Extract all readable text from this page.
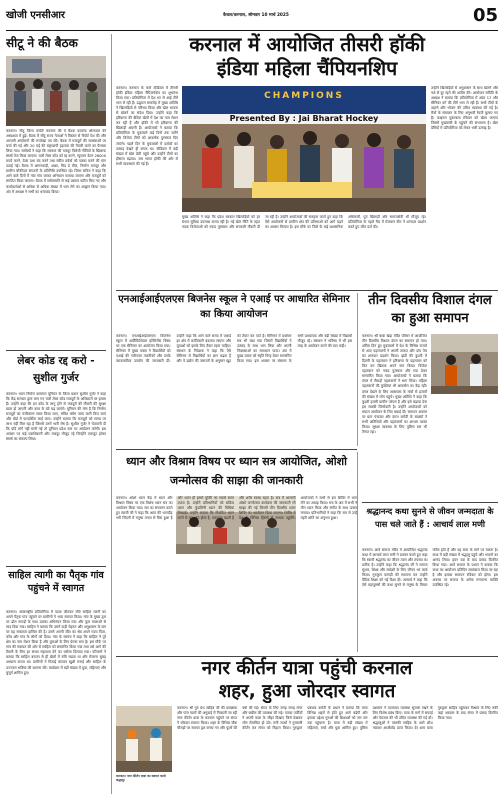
खोजी एनसीआर	कैथल/करनाल, सोमवार 10 मार्च 2025	05
सीटू ने की बैठक
करनाल। सीटू जिला कमेटी करनाल की ये बैठक कामरेड ओमपाल की अध्यक्षता में हुई। बैठक में सीटू राज्य नेताओं ने विस्तार से रिपोर्ट पेश की और आगामी आंदोलनों की रूपरेखा तय की। बैठक में मजदूरों की समस्याओं पर चर्चा की गई और 20 मई की राष्ट्रव्यापी हड़ताल की तैयारी करने का फैसला लिया गया। साथियों ने कहा कि सरकार की मजदूर विरोधी नीतियों के खिलाफ संघर्ष तेज किया जाएगा। चारों लेबर कोड को रद्द करने, न्यूनतम वेतन 26000 रुपये करने, ठेका प्रथा बंद करने तथा स्कीम वर्कर्स को पक्का करने की मांग उठाई गई। बैठक में आंगनवाड़ी, आशा, मिड डे मील, निर्माण मजदूर और ग्रामीण चौकीदार संगठनों के प्रतिनिधि उपस्थित रहे। जिला सचिव ने कहा कि आने वाले दिनों में गांव गांव जाकर अभियान चलाया जाएगा और मजदूरों को संगठित किया जाएगा। बैठक में सर्वसम्मति से कई प्रस्ताव पारित किए गए और कार्यकर्ताओं से अधिक से अधिक संख्या में भाग लेने का आह्वान किया गया। अंत में अध्यक्ष ने सभी का धन्यवाद किया।
लेबर कोड रद्द करो - सुशील गुर्जर
करनाल। भवन निर्माण कामगार यूनियन के जिला प्रधान सुशील गुर्जर ने कहा कि केंद्र सरकार द्वारा लाए गए चारों लेबर कोड मजदूरों के अधिकारों पर हमला हैं। उन्होंने कहा कि इन कोड के लागू होने से मजदूरों की नौकरी की सुरक्षा खत्म हो जाएगी और काम के घंटे बढ़ जाएंगे। यूनियन की मांग है कि निर्माण मजदूरों का पंजीकरण सरल किया जाए, लंबित क्लेम जल्द जारी किए जाएं और बोर्ड में पारदर्शिता लाई जाए। उन्होंने बताया कि मजदूरों को समय पर लाभ नहीं मिल रहा है जिससे उनमें भारी रोष है। सुशील गुर्जर ने चेतावनी दी कि यदि मांगें नहीं मानी गईं तो यूनियन प्रदेश स्तर पर आंदोलन करेगी। इस अवसर पर कई पदाधिकारी और मजदूर मौजूद रहे जिन्होंने एकजुट होकर संघर्ष का संकल्प लिया।
साहिल त्यागी का पैतृक गांव पहुंचने में स्वागत
करनाल। अंतरराष्ट्रीय प्रतियोगिता में पदक जीतकर लौटे साहिल त्यागी का अपने पैतृक गांव पहुंचने पर ग्रामीणों ने भव्य स्वागत किया। गांव के मुख्य द्वार पर ढोल नगाड़ों के साथ उसका अभिनंदन किया गया और फूल मालाओं से लाद दिया गया। साहिल ने बताया कि उसने कड़ी मेहनत और अनुशासन के बल पर यह सफलता हासिल की है। उसने अपनी जीत का श्रेय अपने माता पिता, कोच और गांव के लोगों को दिया। गांव के सरपंच ने कहा कि साहिल ने पूरे क्षेत्र का नाम रोशन किया है और युवाओं के लिए प्रेरणा बना है। इस मौके पर गांव की पंचायत की ओर से साहिल को सम्मानित किया गया तथा उसे आगे की तैयारी के लिए हर संभव सहायता देने का भरोसा दिलाया गया। परिजनों ने बताया कि साहिल बचपन से ही खेलों में रुचि रखता था और रोजाना सुबह अभ्यास करता था। ग्रामीणों ने मिठाई बांटकर खुशी मनाई और साहिल के उज्ज्वल भविष्य की कामना की। कार्यक्रम में बड़ी संख्या में युवा, महिलाएं और बुजुर्ग शामिल हुए।
करनाल में आयोजित तीसरी हॉकी
इंडिया महिला चैंपियनशिप
करनाल। करनाल के कर्ण स्टेडियम में तीसरी हॉकी इंडिया महिला चैंपियनशिप का शुभारंभ किया गया। प्रतियोगिता में देश भर से आई टीमें भाग ले रही हैं। उद्घाटन समारोह में मुख्य अतिथि ने खिलाड़ियों से परिचय किया और खेल भावना से खेलने का संदेश दिया। उन्होंने कहा कि हरियाणा की बेटियां खेलों में देश का नाम रोशन कर रही हैं और हॉकी में भी हरियाणा की खिलाड़ी अग्रणी हैं। आयोजकों ने बताया कि प्रतियोगिता के मुकाबले कई दिनों तक चलेंगे और विजेता टीमों को आकर्षक पुरस्कार दिए जाएंगे। पहले दिन के मुकाबलों में दर्शकों का उत्साह देखते ही बनता था। स्टेडियम में बड़ी संख्या में खेल प्रेमी पहुंचे और उन्होंने टीमों का हौसला बढ़ाया। जय भारत हॉकी की ओर से सभी व्यवस्थाएं की गई हैं।
CHAMPIONS
Presented By : Jai Bharat Hockey
मुख्य अतिथि ने कहा कि प्रदेश सरकार खिलाड़ियों को हर संभव सुविधा उपलब्ध करवा रही है। नई खेल नीति के तहत पदक विजेताओं को नकद पुरस्कार और सरकारी नौकरी दी जा रही है। उन्होंने आयोजकों की सराहना करते हुए कहा कि ऐसे आयोजनों से ग्रामीण क्षेत्र की प्रतिभाओं को आगे बढ़ने का अवसर मिलता है। इस मौके पर जिले के कई प्रशासनिक अधिकारी, पूर्व खिलाड़ी और समाजसेवी भी मौजूद रहे। प्रतियोगिता के पहले मैच में मेजबान टीम ने शानदार प्रदर्शन करते हुए जीत दर्ज की।
उन्होंने खिलाड़ियों से अनुशासन के साथ खेलने और नशे से दूर रहने की अपील की। आयोजन समिति के अध्यक्ष ने बताया कि प्रतियोगिता में अंडर 17 और सीनियर वर्ग की टीमें भाग ले रही हैं। सभी टीमों के ठहरने और भोजन की उचित व्यवस्था की गई है। मैचों के संचालन के लिए अनुभवी रेफरी बुलाए गए हैं। फाइनल मुकाबला रविवार को खेला जाएगा जिसमें मुख्यमंत्री के पहुंचने की संभावना है। खेल प्रेमियों में प्रतियोगिता को लेकर भारी उत्साह है।
एनआईआईएलएस बिजनेस स्कूल ने एआई पर आधारित सेमिनार का किया आयोजन
करनाल। एनआईआईएलएस बिजनेस स्कूल में आर्टिफिशियल इंटेलिजेंस विषय पर एक सेमिनार का आयोजन किया गया। सेमिनार में मुख्य वक्ता ने विद्यार्थियों को एआई की नवीनतम तकनीकों और उनके व्यावसायिक उपयोग की जानकारी दी। उन्होंने कहा कि आने वाले समय में एआई हर क्षेत्र में क्रांतिकारी बदलाव लाएगा और युवाओं को इसके लिए तैयार रहना चाहिए। संस्थान के निदेशक ने कहा कि ऐसे सेमिनार से विद्यार्थियों का ज्ञान बढ़ता है और वे उद्योग की जरूरतों के अनुसार खुद को तैयार कर पाते हैं। सेमिनार में प्रश्नोत्तर सत्र भी रखा गया जिसमें विद्यार्थियों ने उत्साह के साथ भाग लिया और अपनी जिज्ञासाओं का समाधान पाया। अंत में मुख्य वक्ता को स्मृति चिन्ह देकर सम्मानित किया गया। इस अवसर पर संस्थान के सभी प्राध्यापक और बड़ी संख्या में विद्यार्थी मौजूद रहे। संस्थान ने भविष्य में भी इस तरह के आयोजन करने की बात कही।
तीन दिवसीय विशाल दंगल का हुआ समापन
करनाल। श्री बाबा खेड़ा मंदिर परिसर में आयोजित तीन दिवसीय विशाल दंगल का समापन हो गया। अंतिम दिन हुए मुकाबलों में देश के विभिन्न राज्यों से आए पहलवानों ने अपनी ताकत और दांव पेच का शानदार प्रदर्शन किया। झंडी की कुश्ती में दिल्ली के पहलवान ने हरियाणा के पहलवान को चित कर खिताब अपने नाम किया। विजेता पहलवान को नकद पुरस्कार और गदा देकर सम्मानित किया गया। आयोजकों ने बताया कि दंगल में सैकड़ों पहलवानों ने भाग लिया। महिला पहलवानों की कुश्तियां भी आकर्षण का केंद्र रहीं। दंगल देखने के लिए आसपास के गांवों से हजारों की संख्या में लोग पहुंचे। मुख्य अतिथि ने कहा कि कुश्ती हमारी प्राचीन परंपरा है और इसे बढ़ावा देना हम सबकी जिम्मेदारी है। उन्होंने आयोजकों को सफल आयोजन के लिए बधाई दी। समापन अवसर पर ग्राम पंचायत और दंगल कमेटी के सदस्यों ने सभी अतिथियों और पहलवानों का आभार व्यक्त किया। सुरक्षा व्यवस्था के लिए पुलिस बल भी तैनात रहा।
श्रद्धानन्द कथा सुनने से जीवन जन्मदाता के पास चले जाते हैं : आचार्य लाल मणी
करनाल। आर्य समाज मंदिर में आयोजित श्रद्धानंद कथा में आचार्य लाल मणी ने प्रवचन करते हुए कहा कि स्वामी श्रद्धानंद का जीवन त्याग और तपस्या का प्रतीक है। उन्होंने कहा कि श्रद्धानंद जी ने समाज सुधार, शिक्षा और स्वदेशी के लिए जीवन भर कार्य किया। गुरुकुल कांगड़ी की स्थापना कर उन्होंने वैदिक शिक्षा को नई दिशा दी। आचार्य ने कहा कि ऐसे महापुरुषों की कथा सुनने से मनुष्य के विचार पवित्र होते हैं और वह सत्य के मार्ग पर चलता है। कथा में बड़ी संख्या में श्रद्धालु पहुंचे और भजनों का आनंद लिया। हवन यज्ञ के बाद प्रसाद वितरित किया गया। आर्य समाज के प्रधान ने बताया कि कथा का आयोजन प्रतिदिन सायंकाल किया जा रहा है और इसका समापन रविवार को होगा। इस अवसर पर समाज के अनेक गणमान्य व्यक्ति उपस्थित रहे।
ध्यान और विश्राम विषय पर ध्यान सत्र आयोजित, ओशो जन्मोत्सव की साझा की जानकारी
करनाल। ओशो ध्यान केंद्र में ध्यान और विश्राम विषय पर एक विशेष ध्यान सत्र का आयोजन किया गया। सत्र का संचालन करते हुए स्वामी जी ने कहा कि आज की भागदौड़ भरी जिंदगी में मनुष्य तनाव से घिरा हुआ है और ध्यान ही इससे मुक्ति का सबसे सरल उपाय है। उन्होंने प्रतिभागियों को सक्रिय ध्यान और कुंडलिनी ध्यान की विधियां सिखाईं। उन्होंने बताया कि नियमित ध्यान करने से मन शांत होता है, एकाग्रता बढ़ती है और शरीर स्वस्थ रहता है। सत्र में आगामी ओशो जन्मोत्सव कार्यक्रम की जानकारी भी साझा की गई जिसमें तीन दिवसीय ध्यान शिविर का आयोजन किया जाएगा। शिविर में देश के विभिन्न हिस्सों से साधक पहुंचेंगे। आयोजकों ने सभी से इस शिविर में भाग लेने का आग्रह किया। सत्र के अंत में सभी ने मौन ध्यान किया और संगीत के साथ उत्सव मनाया। प्रतिभागियों ने कहा कि सत्र से उन्हें गहरी शांति का अनुभव हुआ।
नगर कीर्तन यात्रा पहुंची करनाल
शहर, हुआ जोरदार स्वागत
करनाल। नगर कीर्तन यात्रा का स्वागत करते श्रद्धालु।
करनाल। श्री गुरु ग्रंथ साहिब जी की छत्रछाया और पांच प्यारों की अगुवाई में निकाली जा रही नगर कीर्तन यात्रा के करनाल पहुंचने पर संगत ने जोरदार स्वागत किया। शहर के विभिन्न चौक चौराहों पर स्वागत द्वार बनाए गए और फूलों की वर्षा की गई। संगत के लिए जगह जगह लंगर और छबील की व्यवस्था की गई। गतका पार्टियों ने अपनी कला के जौहर दिखाए जिसे देखकर लोग रोमांचित हो उठे। रागी जत्थों ने गुरबाणी कीर्तन कर संगत को निहाल किया। गुरुद्वारा प्रबंधक कमेटी के प्रधान ने बताया कि यात्रा विभिन्न शहरों से होते हुए आगे बढ़ेगी और इसका उद्देश्य गुरुओं की शिक्षाओं को जन जन तक पहुंचाना है। यात्रा में बड़ी संख्या में महिलाएं, बच्चे और युवा शामिल हुए। पुलिस प्रशासन ने यातायात व्यवस्था सुचारू रखने के लिए विशेष प्रबंध किए। यात्रा के मार्ग में सफाई और पेयजल की भी उचित व्यवस्था की गई थी। श्रद्धालुओं ने पालकी साहिब के आगे शीश नवाकर आशीर्वाद प्राप्त किया। देर शाम यात्रा गुरुद्वारा साहिब पहुंचकर विश्राम के लिए रुकी जहां अरदास के बाद संगत में प्रसाद वितरित किया गया।
